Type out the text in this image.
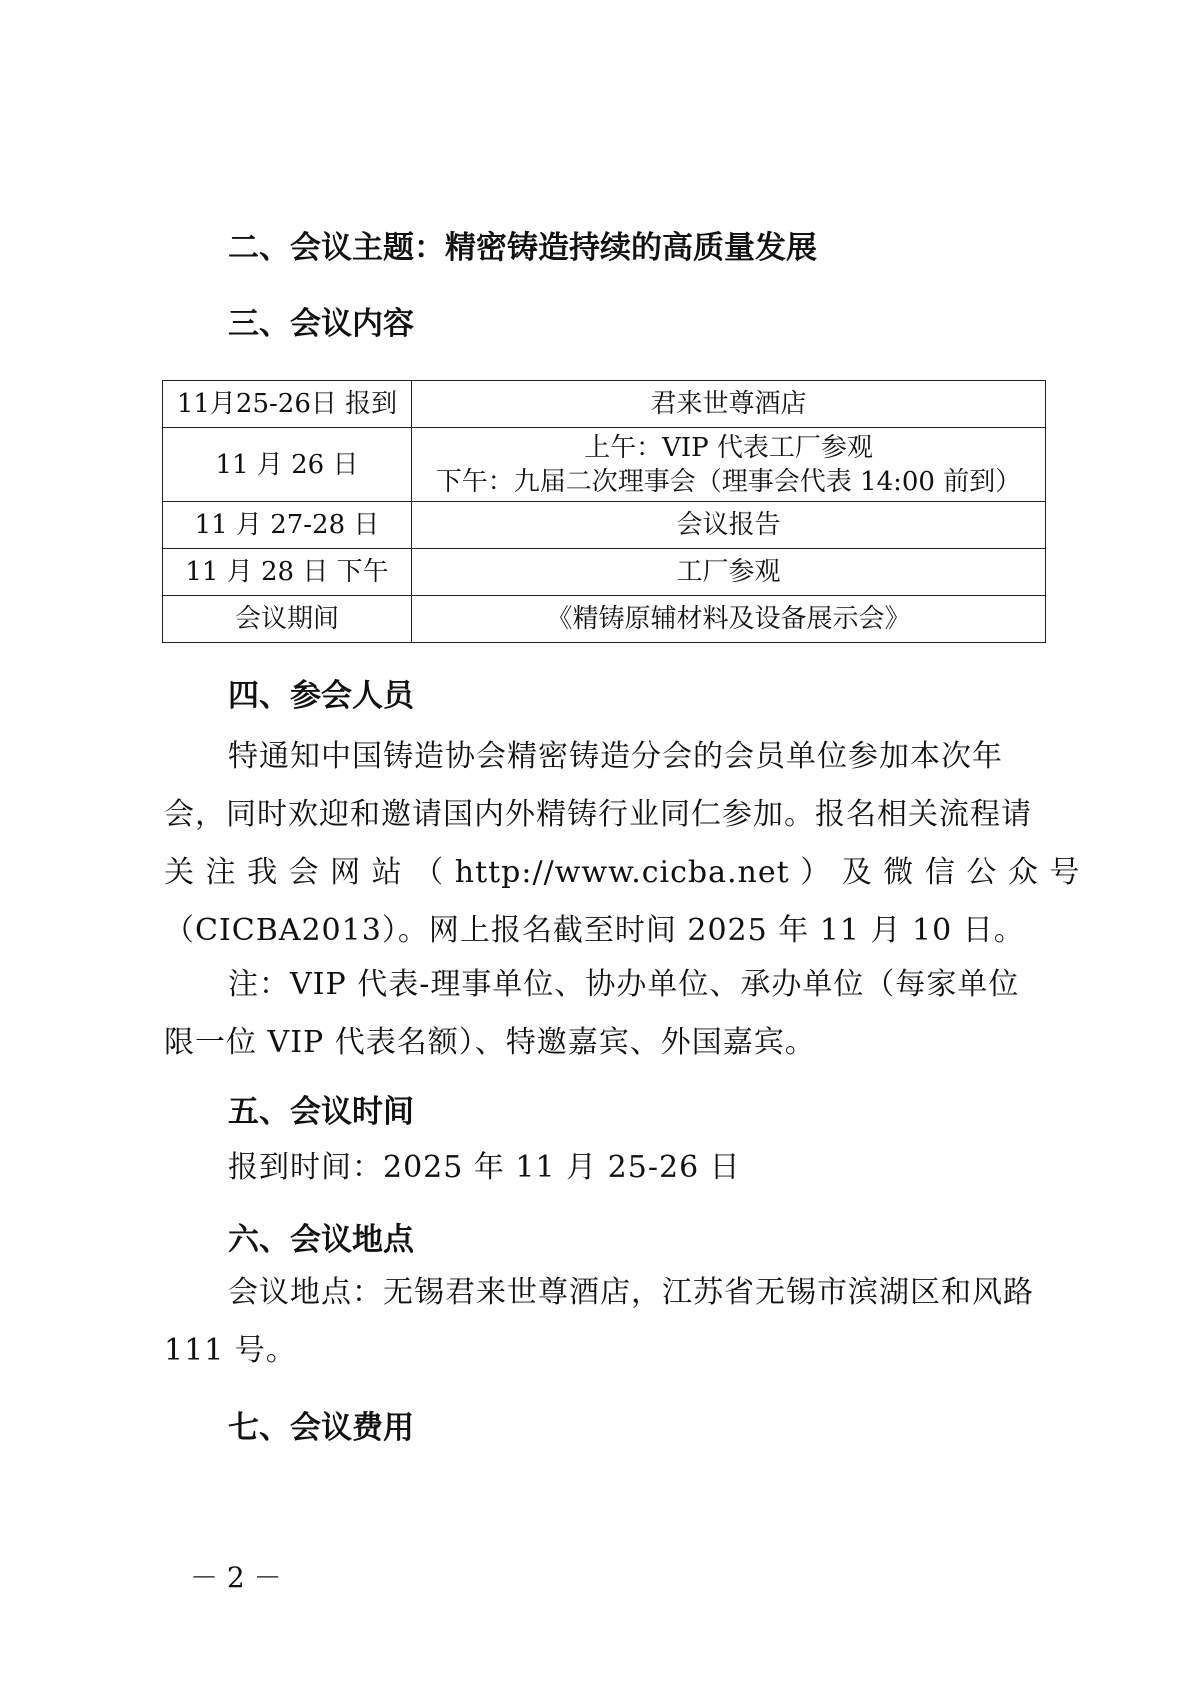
二、会议主题：精密铸造持续的高质量发展
三、会议内容
11月25-26日 报到	君来世尊酒店
11 月 26 日	上午：VIP 代表工厂参观
下午：九届二次理事会（理事会代表 14:00 前到）

11 月 27-28 日	会议报告
11 月 28 日 下午	工厂参观
会议期间	《精铸原辅材料及设备展示会》
四、参会人员
特通知中国铸造协会精密铸造分会的会员单位参加本次年
会，同时欢迎和邀请国内外精铸行业同仁参加。报名相关流程请
关 注 我 会 网 站 （ http://www.cicba.net ） 及 微 信 公 众 号
（CICBA2013）。网上报名截至时间 2025 年 11 月 10 日。
注：VIP 代表-理事单位、协办单位、承办单位（每家单位
限一位 VIP 代表名额）、特邀嘉宾、外国嘉宾。
五、会议时间
报到时间：2025 年 11 月 25-26 日
六、会议地点
会议地点：无锡君来世尊酒店，江苏省无锡市滨湖区和风路
111 号。
七、会议费用
－ 2 －
